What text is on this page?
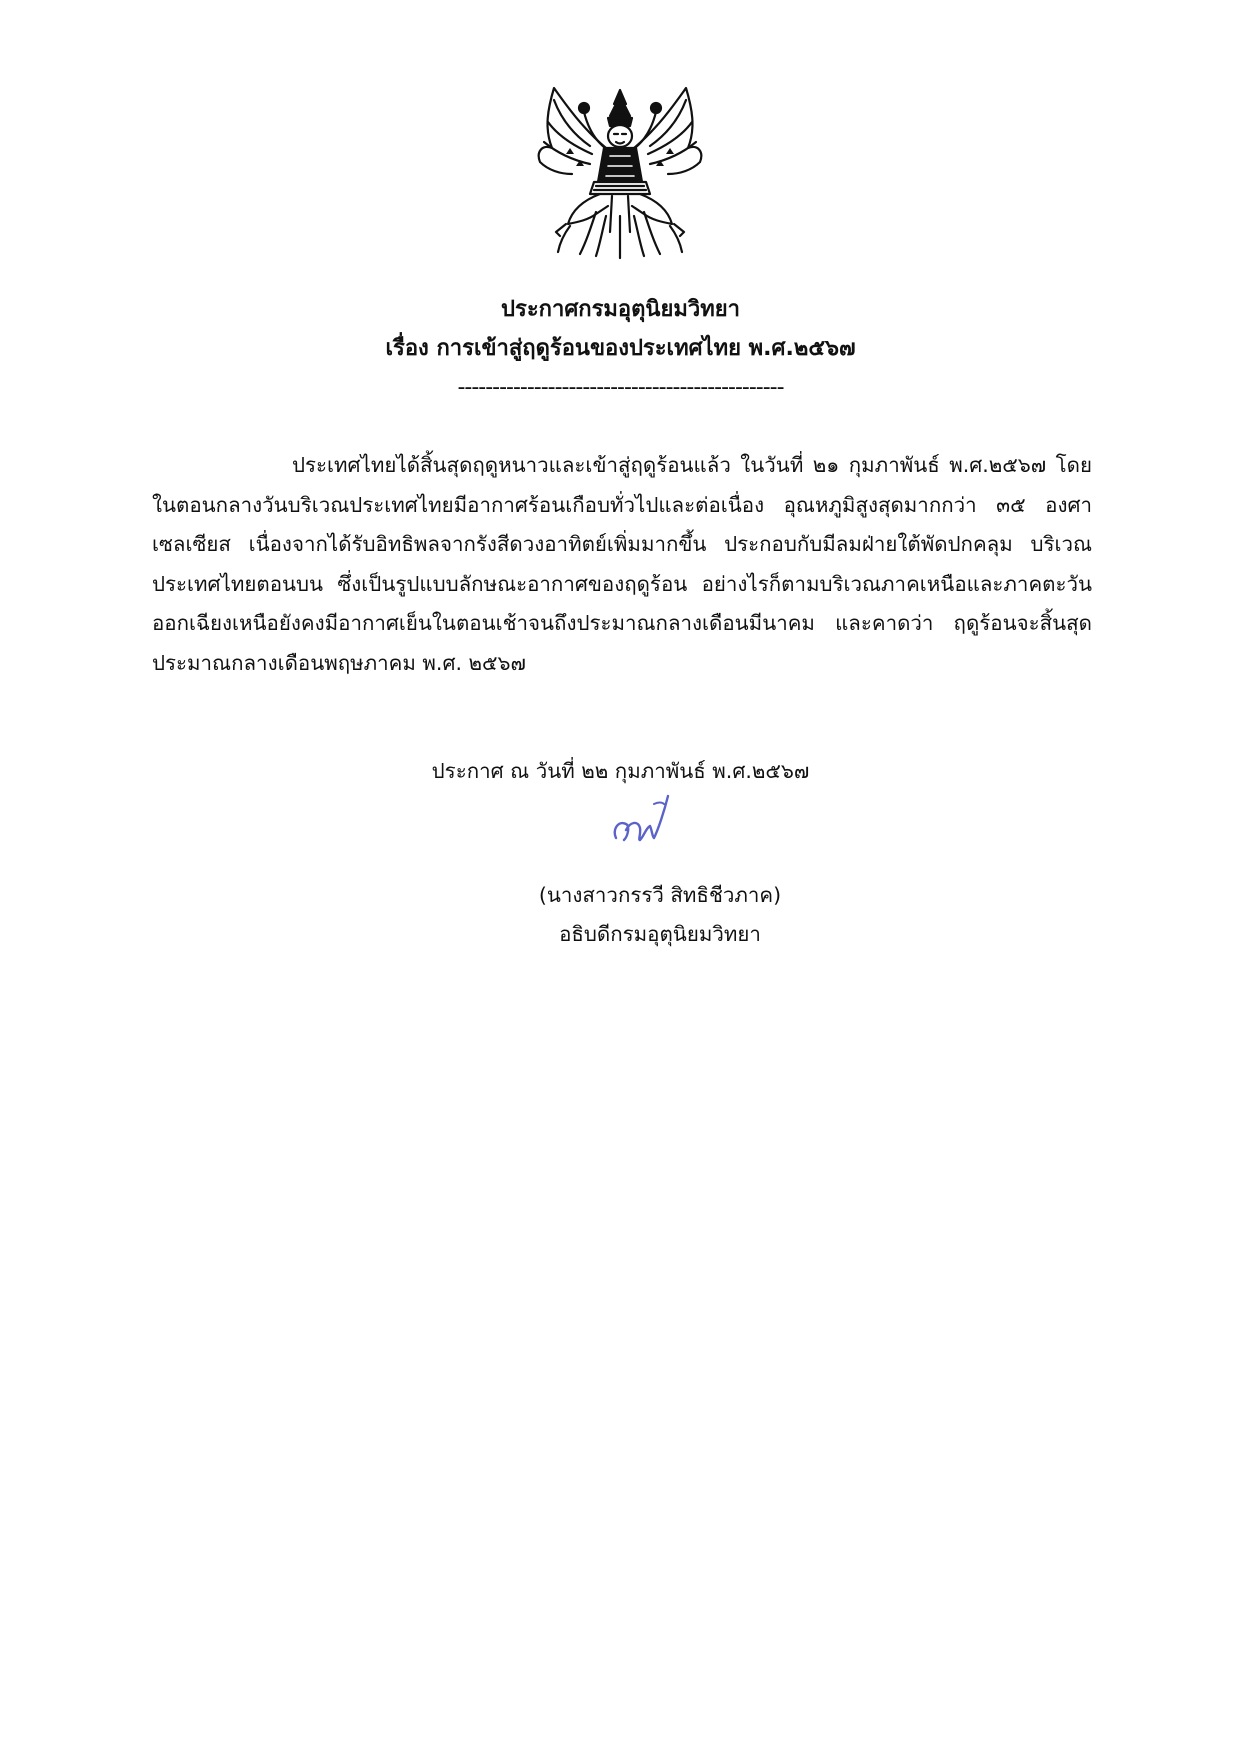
ประกาศกรมอุตุนิยมวิทยา
เรื่อง การเข้าสู่ฤดูร้อนของประเทศไทย พ.ศ.๒๕๖๗
-----------------------------------------------
ประเทศไทยได้สิ้นสุดฤดูหนาวและเข้าสู่ฤดูร้อนแล้ว ในวันที่ ๒๑ กุมภาพันธ์ พ.ศ.๒๕๖๗ โดยในตอนกลางวันบริเวณประเทศไทยมีอากาศร้อนเกือบทั่วไปและต่อเนื่อง อุณหภูมิสูงสุดมากกว่า ๓๕ องศาเซลเซียส เนื่องจากได้รับอิทธิพลจากรังสีดวงอาทิตย์เพิ่มมากขึ้น ประกอบกับมีลมฝ่ายใต้พัดปกคลุม บริเวณประเทศไทยตอนบน ซึ่งเป็นรูปแบบลักษณะอากาศของฤดูร้อน อย่างไรก็ตามบริเวณภาคเหนือและภาคตะวันออกเฉียงเหนือยังคงมีอากาศเย็นในตอนเช้าจนถึงประมาณกลางเดือนมีนาคม และคาดว่า ฤดูร้อนจะสิ้นสุดประมาณกลางเดือนพฤษภาคม พ.ศ. ๒๕๖๗
ประกาศ ณ วันที่ ๒๒ กุมภาพันธ์ พ.ศ.๒๕๖๗
(นางสาวกรรวี สิทธิชีวภาค)
อธิบดีกรมอุตุนิยมวิทยา
